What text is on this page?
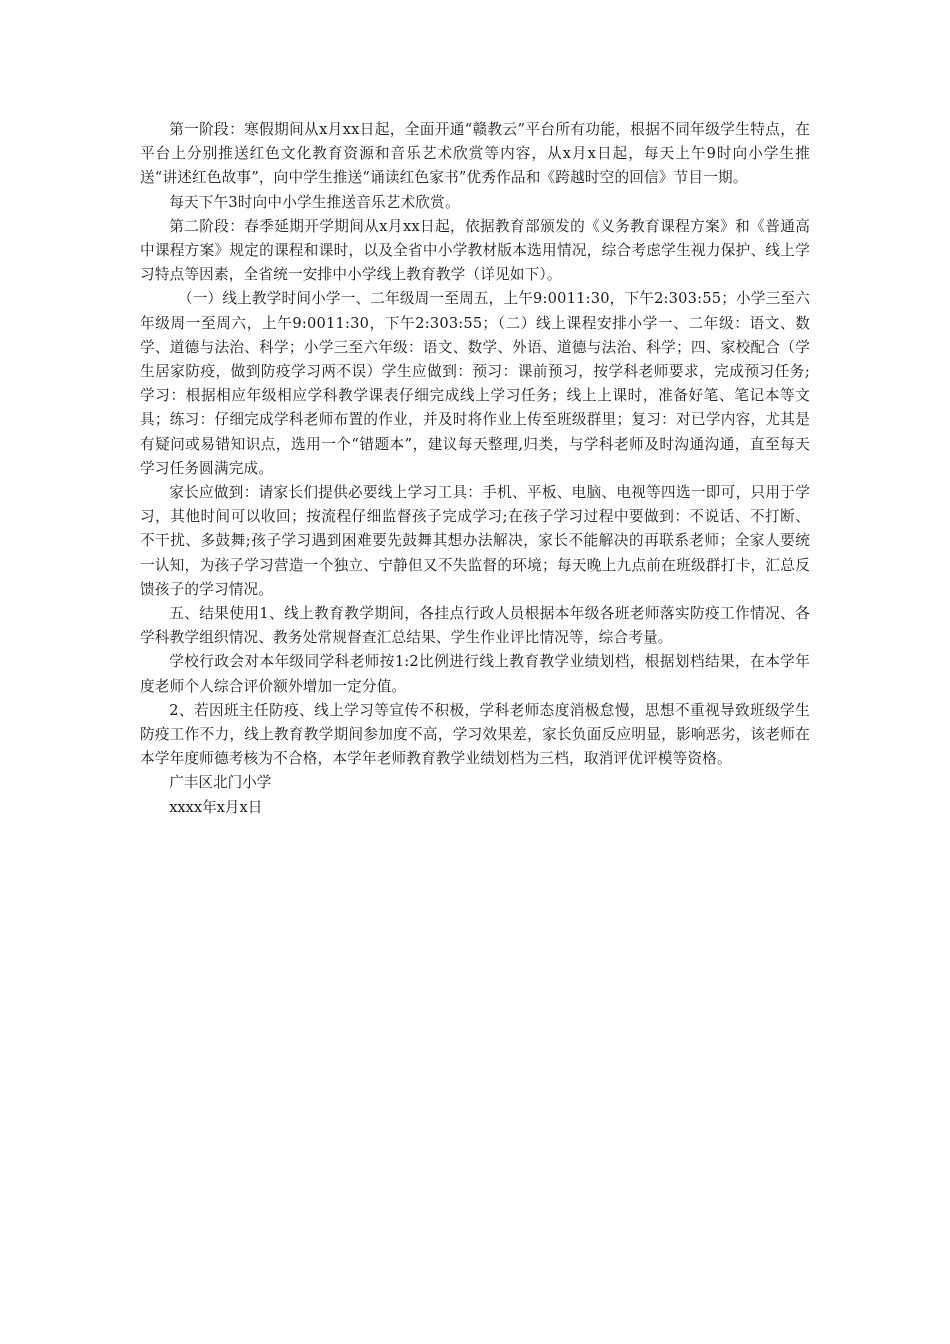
第一阶段：寒假期间从x月xx日起，全面开通“赣教云”平台所有功能，根据不同年级学生特点，在平台上分别推送红色文化教育资源和音乐艺术欣赏等内容，从x月x日起，每天上午9时向小学生推送“讲述红色故事”，向中学生推送“诵读红色家书”优秀作品和《跨越时空的回信》节目一期。

每天下午3时向中小学生推送音乐艺术欣赏。

第二阶段：春季延期开学期间从x月xx日起，依据教育部颁发的《义务教育课程方案》和《普通高中课程方案》规定的课程和课时，以及全省中小学教材版本选用情况，综合考虑学生视力保护、线上学习特点等因素，全省统一安排中小学线上教育教学（详见如下）。

（一）线上教学时间小学一、二年级周一至周五，上午9:0011:30，下午2:303:55；小学三至六年级周一至周六，上午9:0011:30，下午2:303:55；（二）线上课程安排小学一、二年级：语文、数学、道德与法治、科学；小学三至六年级：语文、数学、外语、道德与法治、科学；四、家校配合（学生居家防疫，做到防疫学习两不误）学生应做到：预习：课前预习，按学科老师要求，完成预习任务;学习：根据相应年级相应学科教学课表仔细完成线上学习任务；线上上课时，准备好笔、笔记本等文具；练习：仔细完成学科老师布置的作业，并及时将作业上传至班级群里；复习：对已学内容，尤其是有疑问或易错知识点，选用一个“错题本”，建议每天整理,归类，与学科老师及时沟通沟通，直至每天学习任务圆满完成。

家长应做到：请家长们提供必要线上学习工具：手机、平板、电脑、电视等四选一即可，只用于学习，其他时间可以收回；按流程仔细监督孩子完成学习;在孩子学习过程中要做到：不说话、不打断、不干扰、多鼓舞;孩子学习遇到困难要先鼓舞其想办法解决，家长不能解决的再联系老师；全家人要统一认知，为孩子学习营造一个独立、宁静但又不失监督的环境；每天晚上九点前在班级群打卡，汇总反馈孩子的学习情况。

五、结果使用1、线上教育教学期间，各挂点行政人员根据本年级各班老师落实防疫工作情况、各学科教学组织情况、教务处常规督查汇总结果、学生作业评比情况等，综合考量。

学校行政会对本年级同学科老师按1:2比例进行线上教育教学业绩划档，根据划档结果，在本学年度老师个人综合评价额外增加一定分值。

2、若因班主任防疫、线上学习等宣传不积极，学科老师态度消极怠慢，思想不重视导致班级学生防疫工作不力，线上教育教学期间参加度不高，学习效果差，家长负面反应明显，影响恶劣，该老师在本学年度师德考核为不合格，本学年老师教育教学业绩划档为三档，取消评优评模等资格。

广丰区北门小学

xxxx年x月x日
